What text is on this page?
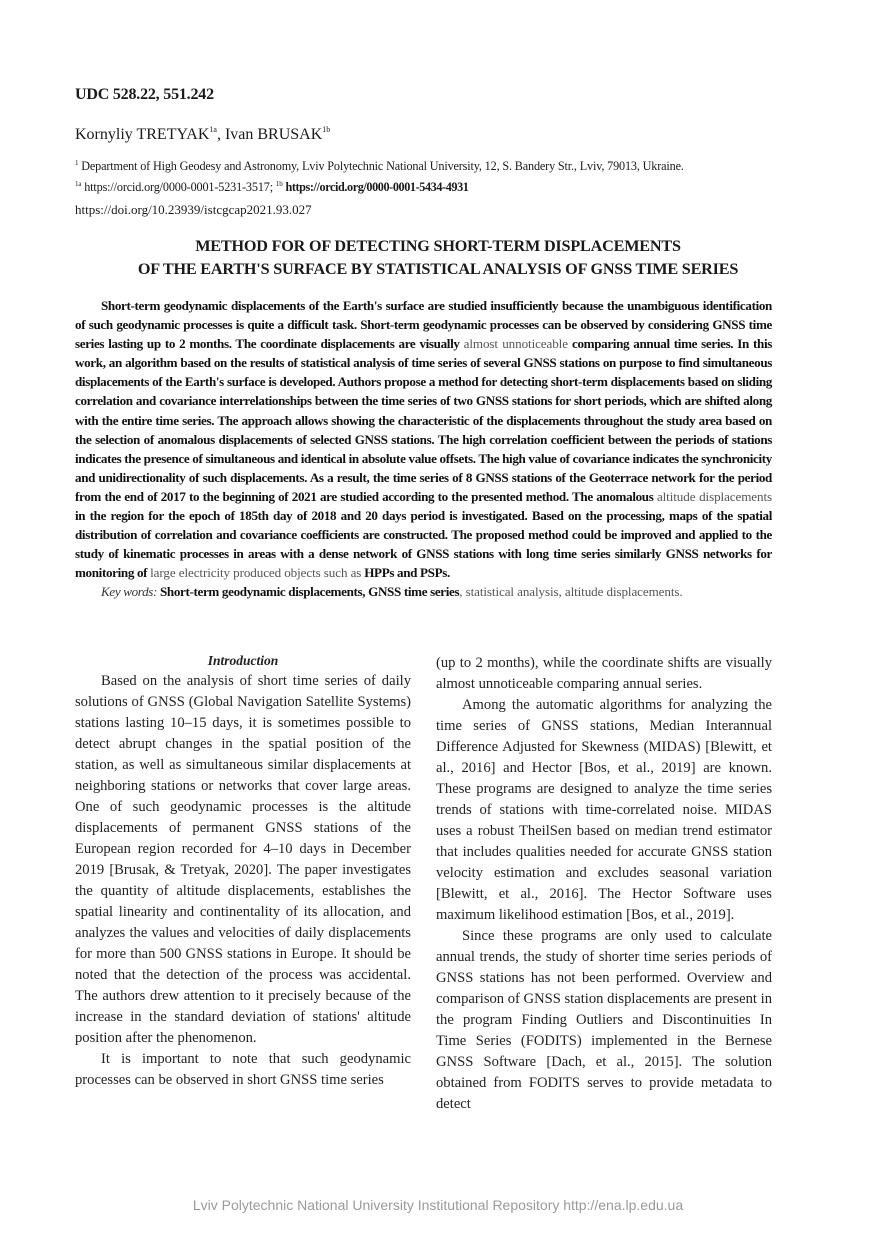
UDC 528.22, 551.242
Kornyliy $TRETYAK^{1a}$, Ivan $BRUSAK^{1b}$
$^1$ Department of High Geodesy and Astronomy, Lviv Polytechnic National University, 12, S. Bandery Str., Lviv, 79013, Ukraine.
$^{1a}$ https://orcid.org/0000-0001-5231-3517; $^{1b}$ https://orcid.org/0000-0001-5434-4931
https://doi.org/10.23939/istcgcap2021.93.027
METHOD FOR OF DETECTING SHORT-TERM DISPLACEMENTS
OF THE EARTH'S SURFACE BY STATISTICAL ANALYSIS OF GNSS TIME SERIES

Short-term geodynamic displacements of the Earth's surface are studied insufficiently because the unambiguous identification of such geodynamic processes is quite a difficult task. Short-term geodynamic processes can be observed by considering GNSS time series lasting up to 2 months. The coordinate displacements are visually almost unnoticeable comparing annual time series. In this work, an algorithm based on the results of statistical analysis of time series of several GNSS stations on purpose to find simultaneous displacements of the Earth's surface is developed. Authors propose a method for detecting short-term displacements based on sliding correlation and covariance interrelationships between the time series of two GNSS stations for short periods, which are shifted along with the entire time series. The approach allows showing the characteristic of the displacements throughout the study area based on the selection of anomalous displacements of selected GNSS stations. The high correlation coefficient between the periods of stations indicates the presence of simultaneous and identical in absolute value offsets. The high value of covariance indicates the synchronicity and unidirectionality of such displacements. As a result, the time series of 8 GNSS stations of the Geoterrace network for the period from the end of 2017 to the beginning of 2021 are studied according to the presented method. The anomalous altitude displacements in the region for the epoch of 185th day of 2018 and 20 days period is investigated. Based on the processing, maps of the spatial distribution of correlation and covariance coefficients are constructed. The proposed method could be improved and applied to the study of kinematic processes in areas with a dense network of GNSS stations with long time series similarly GNSS networks for monitoring of large electricity produced objects such as HPPs and PSPs.

Key words: Short-term geodynamic displacements, GNSS time series, statistical analysis, altitude displacements.

Introduction

Based on the analysis of short time series of daily solutions of GNSS (Global Navigation Satellite Systems) stations lasting 10–15 days, it is sometimes possible to detect abrupt changes in the spatial position of the station, as well as simultaneous similar displacements at neighboring stations or networks that cover large areas. One of such geodynamic processes is the altitude displacements of permanent GNSS stations of the European region recorded for 4–10 days in December 2019 [Brusak, & Tretyak, 2020]. The paper investigates the quantity of altitude displacements, establishes the spatial linearity and continentality of its allocation, and analyzes the values and velocities of daily displacements for more than 500 GNSS stations in Europe. It should be noted that the detection of the process was accidental. The authors drew attention to it precisely because of the increase in the standard deviation of stations' altitude position after the phenomenon.

It is important to note that such geodynamic processes can be observed in short GNSS time series

(up to 2 months), while the coordinate shifts are visually almost unnoticeable comparing annual series.

Among the automatic algorithms for analyzing the time series of GNSS stations, Median Interannual Difference Adjusted for Skewness (MIDAS) [Blewitt, et al., 2016] and Hector [Bos, et al., 2019] are known. These programs are designed to analyze the time series trends of stations with time-correlated noise. MIDAS uses a robust TheilSen based on median trend estimator that includes qualities needed for accurate GNSS station velocity estimation and excludes seasonal variation [Blewitt, et al., 2016]. The Hector Software uses maximum likelihood estimation [Bos, et al., 2019].

Since these programs are only used to calculate annual trends, the study of shorter time series periods of GNSS stations has not been performed. Overview and comparison of GNSS station displacements are present in the program Finding Outliers and Discontinuities In Time Series (FODITS) implemented in the Bernese GNSS Software [Dach, et al., 2015]. The solution obtained from FODITS serves to provide metadata to detect

Lviv Polytechnic National University Institutional Repository http://ena.lp.edu.ua
